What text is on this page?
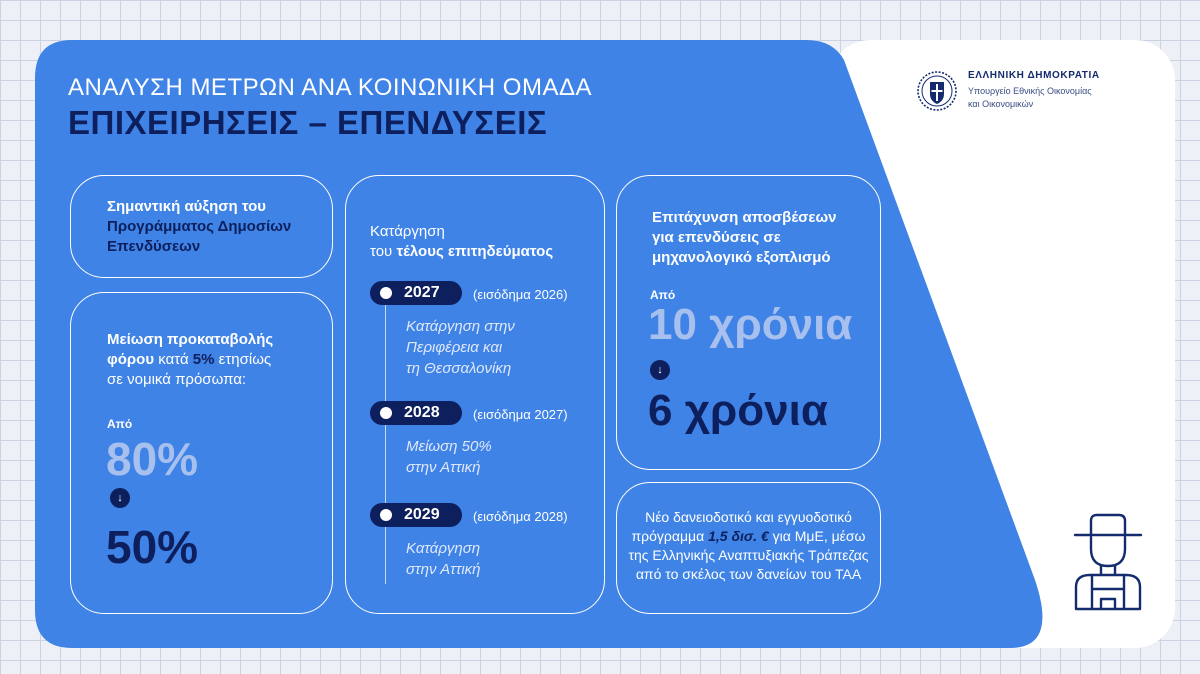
ΕΛΛΗΝΙΚΗ ΔΗΜΟΚΡΑΤΙΑ
Υπουργείο Εθνικής Οικονομίας
και Οικονομικών
ΑΝΑΛΥΣΗ ΜΕΤΡΩΝ ΑΝΑ ΚΟΙΝΩΝΙΚΗ ΟΜΑΔΑ
ΕΠΙΧΕΙΡΗΣΕΙΣ – ΕΠΕΝΔΥΣΕΙΣ
Σημαντική αύξηση του
Προγράμματος Δημοσίων
Επενδύσεων
Μείωση προκαταβολής
φόρου κατά 5% ετησίως
σε νομικά πρόσωπα:
Από
80%
↓
50%
Κατάργηση
του τέλους επιτηδεύματος
2027	(εισόδημα 2026)
Κατάργηση στην
Περιφέρεια και
τη Θεσσαλονίκη
2028	(εισόδημα 2027)
Μείωση 50%
στην Αττική
2029	(εισόδημα 2028)
Κατάργηση
στην Αττική
Επιτάχυνση αποσβέσεων
για επενδύσεις σε
μηχανολογικό εξοπλισμό
Από
10 χρόνια
↓
6 χρόνια
Νέο δανειοδοτικό και εγγυοδοτικό
πρόγραμμα 1,5 δισ. € για ΜμΕ, μέσω
της Ελληνικής Αναπτυξιακής Τράπεζας
από το σκέλος των δανείων του ΤΑΑ
